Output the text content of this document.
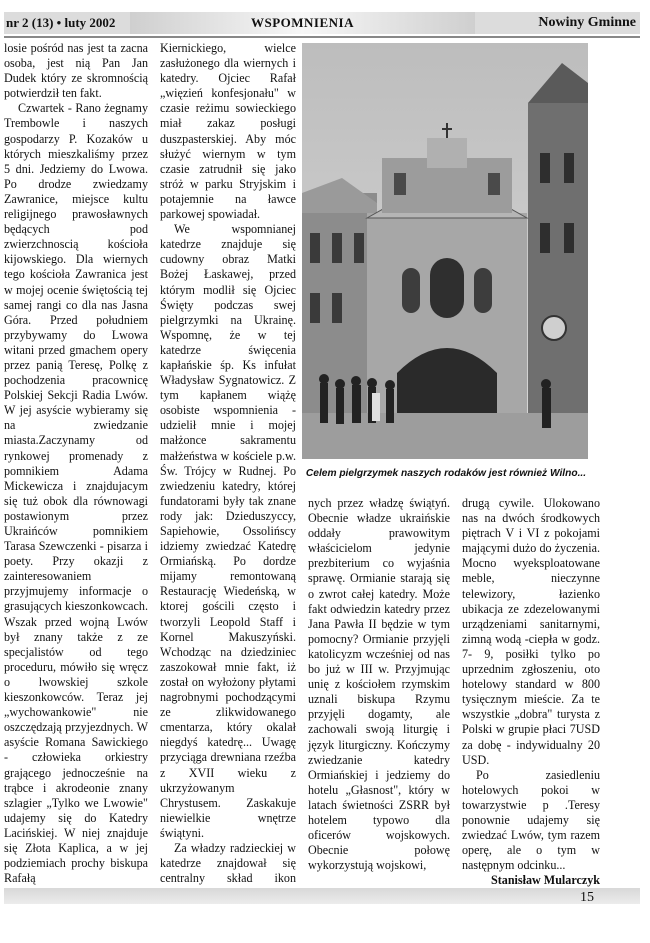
nr 2 (13) • luty 2002	WSPOMNIENIA	Nowiny Gminne

losie pośród nas jest ta zacna osoba, jest nią Pan Jan Dudek który ze skromnością potwierdził ten fakt.

Czwartek - Rano żegnamy Trembowle i naszych gospodarzy P. Kozaków u których mieszkaliśmy przez 5 dni. Jedziemy do Lwowa. Po drodze zwiedzamy Zawranice, miejsce kultu religijnego prawosławnych będących pod zwierzchnoscią kościoła kijowskiego. Dla wiernych tego kościoła Zawranica jest w mojej ocenie świętością tej samej rangi co dla nas Jasna Góra. Przed południem przybywamy do Lwowa witani przed gmachem opery przez panią Teresę, Polkę z pochodzenia pracownicę Polskiej Sekcji Radia Lwów. W jej asyście wybieramy się na zwiedzanie miasta.Zaczynamy od rynkowej promenady z pomnikiem Adama Mickewicza i znajdujacym się tuż obok dla równowagi postawionym przez Ukraińców pomnikiem Tarasa Szewczenki - pisarza i poety. Przy okazji z zainteresowaniem przyjmujemy informacje o grasujących kieszonkowcach. Wszak przed wojną Lwów był znany także z ze specjalistów od tego proceduru, mówiło się wręcz o lwowskiej szkole kieszonkowców. Teraz jej „wychowankowie" nie oszczędzają przyjezdnych. W asyście Romana Sawickiego - człowieka orkiestry grającego jednocześnie na trąbce i akrodeonie znany szlagier „Tylko we Lwowie" udajemy się do Katedry Lacińskiej. W niej znajduje się Złota Kaplica, a w jej podziemiach prochy biskupa Rafałą

Kiernickiego, wielce zasłużonego dla wiernych i katedry. Ojciec Rafał „więzień konfesjonału" w czasie reżimu sowieckiego miał zakaz posługi duszpasterskiej. Aby móc służyć wiernym w tym czasie zatrudnił się jako stróż w parku Stryjskim i potajemnie na ławce parkowej spowiadał.

We wspomnianej katedrze znajduje się cudowny obraz Matki Bożej Łaskawej, przed którym modlił się Ojciec Święty podczas swej pielgrzymki na Ukrainę. Wspomnę, że w tej katedrze święcenia kapłańskie śp. Ks infułat Władysław Sygnatowicz. Z tym kapłanem wiążę osobiste wspomnienia - udzielił mnie i mojej małżonce sakramentu małżeństwa w kościele p.w. Św. Trójcy w Rudnej. Po zwiedzeniu katedry, której fundatorami były tak znane rody jak: Dzieduszyccy, Sapiehowie, Ossolińscy idziemy zwiedzać Katedrę Ormiańską. Po dordze mijamy remontowaną Restaurację Wiedeńską, w ktorej gościli często i tworzyli Leopold Staff i Kornel Makuszyński. Wchodząc na dziedziniec zaszokował mnie fakt, iż został on wyłożony płytami nagrobnymi pochodzącymi ze zlikwidowanego cmentarza, który okalał niegdyś katedrę... Uwagę przyciąga drewniana rzeźba z XVII wieku z ukrzyżowanym Chrystusem. Zaskakuje niewielkie wnętrze świątyni.

Za władzy radzieckiej w katedrze znajdował się centralny skład ikon

Celem pielgrzymek naszych rodaków jest również Wilno...

nych przez władzę świątyń. Obecnie władze ukraińskie oddały prawowitym właścicielom jedynie prezbiterium co wyjaśnia sprawę. Ormianie starają się o zwrot całej katedry. Może fakt odwiedzin katedry przez Jana Pawła II będzie w tym pomocny? Ormianie przyjęli katolicyzm wcześniej od nas bo już w III w. Przyjmując unię z kościołem rzymskim uznali biskupa Rzymu przyjęli dogamty, ale zachowali swoją liturgię i język liturgiczny. Kończymy zwiedzanie katedry Ormiańskiej i jedziemy do hotelu „Głasnost", który w latach świetności ZSRR był hotelem typowo dla oficerów wojskowych. Obecnie połowę wykorzystują wojskowi,

drugą cywile. Ulokowano nas na dwóch środkowych piętrach V i VI z pokojami mającymi dużo do życzenia. Mocno wyeksploatowane meble, nieczynne telewizory, łazienko ubikacja ze zdezelowanymi urządzeniami sanitarnymi, zimną wodą -ciepła w godz. 7- 9, posiłki tylko po uprzednim zgłoszeniu, oto hotelowy standard w 800 tysięcznym mieście. Za te wszystkie „dobra" turysta z Polski w grupie płaci 7USD za dobę - indywidualny 20 USD.

Po zasiedleniu hotelowych pokoi w towarzystwie p .Teresy ponownie udajemy się zwiedzać Lwów, tym razem operę, ale o tym w następnym odcinku...

Stanisław Mularczyk

15
